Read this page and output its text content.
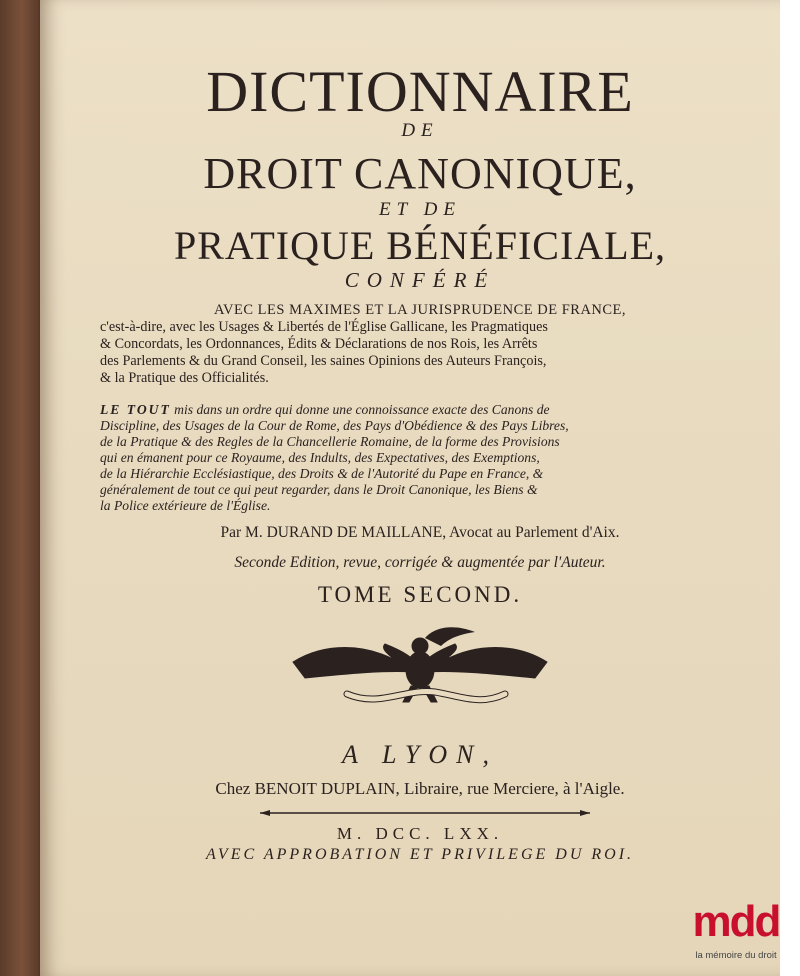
DICTIONNAIRE
DE
DROIT CANONIQUE,
ET DE
PRATIQUE BÉNÉFICIALE,
CONFÉRÉ
AVEC LES MAXIMES ET LA JURISPRUDENCE DE FRANCE,
c'est-à-dire, avec les Usages & Libertés de l'Église Gallicane, les Pragmatiques
& Concordats, les Ordonnances, Édits & Déclarations de nos Rois, les Arrêts
des Parlements & du Grand Conseil, les saines Opinions des Auteurs François,
& la Pratique des Officialités.
LE TOUT mis dans un ordre qui donne une connoissance exacte des Canons de
Discipline, des Usages de la Cour de Rome, des Pays d'Obédience & des Pays Libres,
de la Pratique & des Regles de la Chancellerie Romaine, de la forme des Provisions
qui en émanent pour ce Royaume, des Indults, des Expectatives, des Exemptions,
de la Hiérarchie Ecclésiastique, des Droits & de l'Autorité du Pape en France, &
généralement de tout ce qui peut regarder, dans le Droit Canonique, les Biens &
la Police extérieure de l'Église.
Par M. DURAND DE MAILLANE, Avocat au Parlement d'Aix.
Seconde Edition, revue, corrigée & augmentée par l'Auteur.
TOME SECOND.
A LYON,
Chez BENOIT DUPLAIN, Libraire, rue Merciere, à l'Aigle.
M. DCC. LXX.
AVEC APPROBATION ET PRIVILEGE DU ROI.
mdd
la mémoire du droit
